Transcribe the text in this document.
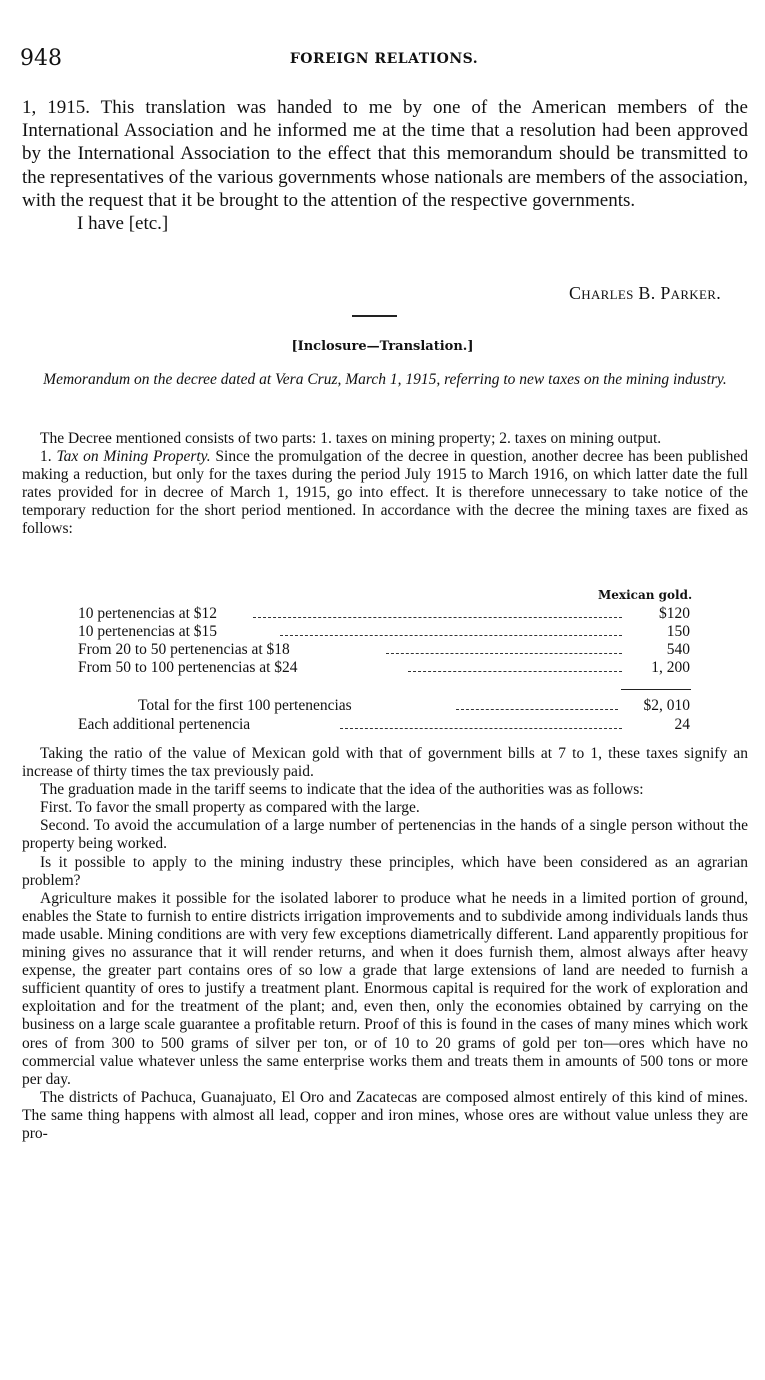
948	FOREIGN RELATIONS.

1, 1915. This translation was handed to me by one of the American members of the International Association and he informed me at the time that a resolution had been approved by the International Association to the effect that this memorandum should be transmitted to the representatives of the various governments whose nationals are members of the association, with the request that it be brought to the attention of the respective governments.

I have [etc.]

Charles B. Parker.
[Inclosure—Translation.]
Memorandum on the decree dated at Vera Cruz, March 1, 1915, referring to new taxes on the mining industry.

The Decree mentioned consists of two parts: 1. taxes on mining property; 2. taxes on mining output.

1. Tax on Mining Property. Since the promulgation of the decree in question, another decree has been published making a reduction, but only for the taxes during the period July 1915 to March 1916, on which latter date the full rates provided for in decree of March 1, 1915, go into effect. It is therefore unnecessary to take notice of the temporary reduction for the short period mentioned. In accordance with the decree the mining taxes are fixed as follows:

Mexican gold.
10 pertenencias at $12	$120
10 pertenencias at $15	150
From 20 to 50 pertenencias at $18	540
From 50 to 100 pertenencias at $24	1, 200
Total for the first 100 pertenencias	$2, 010
Each additional pertenencia	24

Taking the ratio of the value of Mexican gold with that of government bills at 7 to 1, these taxes signify an increase of thirty times the tax previously paid.

The graduation made in the tariff seems to indicate that the idea of the authorities was as follows:

First. To favor the small property as compared with the large.

Second. To avoid the accumulation of a large number of pertenencias in the hands of a single person without the property being worked.

Is it possible to apply to the mining industry these principles, which have been considered as an agrarian problem?

Agriculture makes it possible for the isolated laborer to produce what he needs in a limited portion of ground, enables the State to furnish to entire districts irrigation improvements and to subdivide among individuals lands thus made usable. Mining conditions are with very few exceptions diametrically different. Land apparently propitious for mining gives no assurance that it will render returns, and when it does furnish them, almost always after heavy expense, the greater part contains ores of so low a grade that large extensions of land are needed to furnish a sufficient quantity of ores to justify a treatment plant. Enormous capital is required for the work of exploration and exploitation and for the treatment of the plant; and, even then, only the economies obtained by carrying on the business on a large scale guarantee a profitable return. Proof of this is found in the cases of many mines which work ores of from 300 to 500 grams of silver per ton, or of 10 to 20 grams of gold per ton—ores which have no commercial value whatever unless the same enterprise works them and treats them in amounts of 500 tons or more per day.

The districts of Pachuca, Guanajuato, El Oro and Zacatecas are composed almost entirely of this kind of mines. The same thing happens with almost all lead, copper and iron mines, whose ores are without value unless they are pro-
